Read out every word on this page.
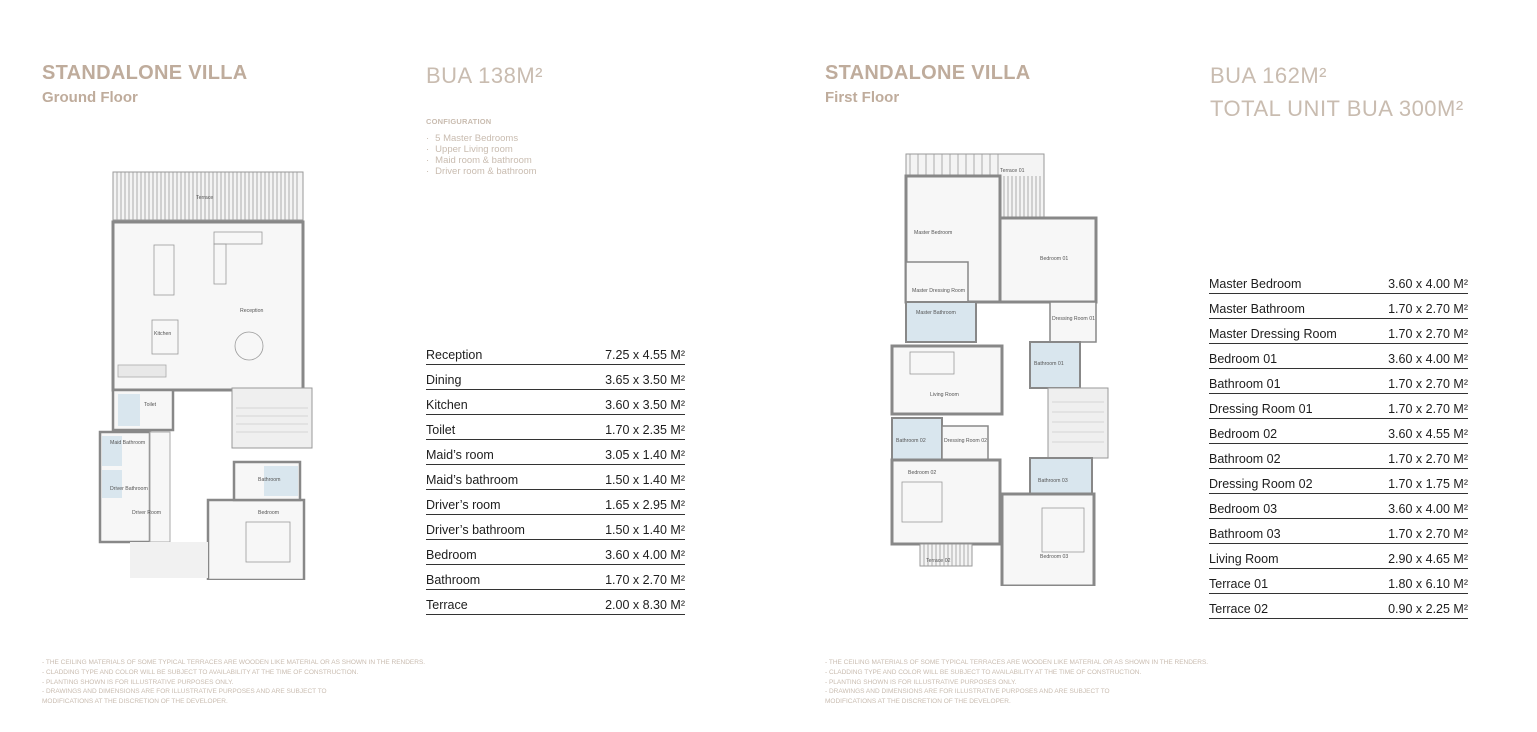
STANDALONE VILLA
Ground Floor
BUA 138M²
CONFIGURATION
· 5 Master Bedrooms
· Upper Living room
· Maid room & bathroom
· Driver room & bathroom
Terrace
Reception
Kitchen
Toilet
Maid Bathroom
Driver Bathroom
Driver Room
Bathroom
Bedroom
Reception	7.25 x 4.55 M²
Dining	3.65 x 3.50 M²
Kitchen	3.60 x 3.50 M²
Toilet	1.70 x 2.35 M²
Maid’s room	3.05 x 1.40 M²
Maid’s bathroom	1.50 x 1.40 M²
Driver’s room	1.65 x 2.95 M²
Driver’s bathroom	1.50 x 1.40 M²
Bedroom	3.60 x 4.00 M²
Bathroom	1.70 x 2.70 M²
Terrace	2.00 x 8.30 M²
- THE CEILING MATERIALS OF SOME TYPICAL TERRACES ARE WOODEN LIKE MATERIAL OR AS SHOWN IN THE RENDERS.
- CLADDING TYPE AND COLOR WILL BE SUBJECT TO AVAILABILITY AT THE TIME OF CONSTRUCTION.
- PLANTING SHOWN IS FOR ILLUSTRATIVE PURPOSES ONLY.
- DRAWINGS AND DIMENSIONS ARE FOR ILLUSTRATIVE PURPOSES AND ARE SUBJECT TO
MODIFICATIONS AT THE DISCRETION OF THE DEVELOPER.
STANDALONE VILLA
First Floor
BUA 162M²
TOTAL UNIT BUA 300M²
Terrace 01
Master Bedroom
Master Dressing Room
Master Bathroom
Bedroom 01
Dressing Room 01
Bathroom 01
Living Room
Bathroom 02	Dressing Room 02
Bedroom 02
Bathroom 03
Bedroom 03
Terrace 02
Master Bedroom	3.60 x 4.00 M²
Master Bathroom	1.70 x 2.70 M²
Master Dressing Room	1.70 x 2.70 M²
Bedroom 01	3.60 x 4.00 M²
Bathroom 01	1.70 x 2.70 M²
Dressing Room 01	1.70 x 2.70 M²
Bedroom 02	3.60 x 4.55 M²
Bathroom 02	1.70 x 2.70 M²
Dressing Room 02	1.70 x 1.75 M²
Bedroom 03	3.60 x 4.00 M²
Bathroom 03	1.70 x 2.70 M²
Living Room	2.90 x 4.65 M²
Terrace 01	1.80 x 6.10 M²
Terrace 02	0.90 x 2.25 M²
- THE CEILING MATERIALS OF SOME TYPICAL TERRACES ARE WOODEN LIKE MATERIAL OR AS SHOWN IN THE RENDERS.
- CLADDING TYPE AND COLOR WILL BE SUBJECT TO AVAILABILITY AT THE TIME OF CONSTRUCTION.
- PLANTING SHOWN IS FOR ILLUSTRATIVE PURPOSES ONLY.
- DRAWINGS AND DIMENSIONS ARE FOR ILLUSTRATIVE PURPOSES AND ARE SUBJECT TO
MODIFICATIONS AT THE DISCRETION OF THE DEVELOPER.
